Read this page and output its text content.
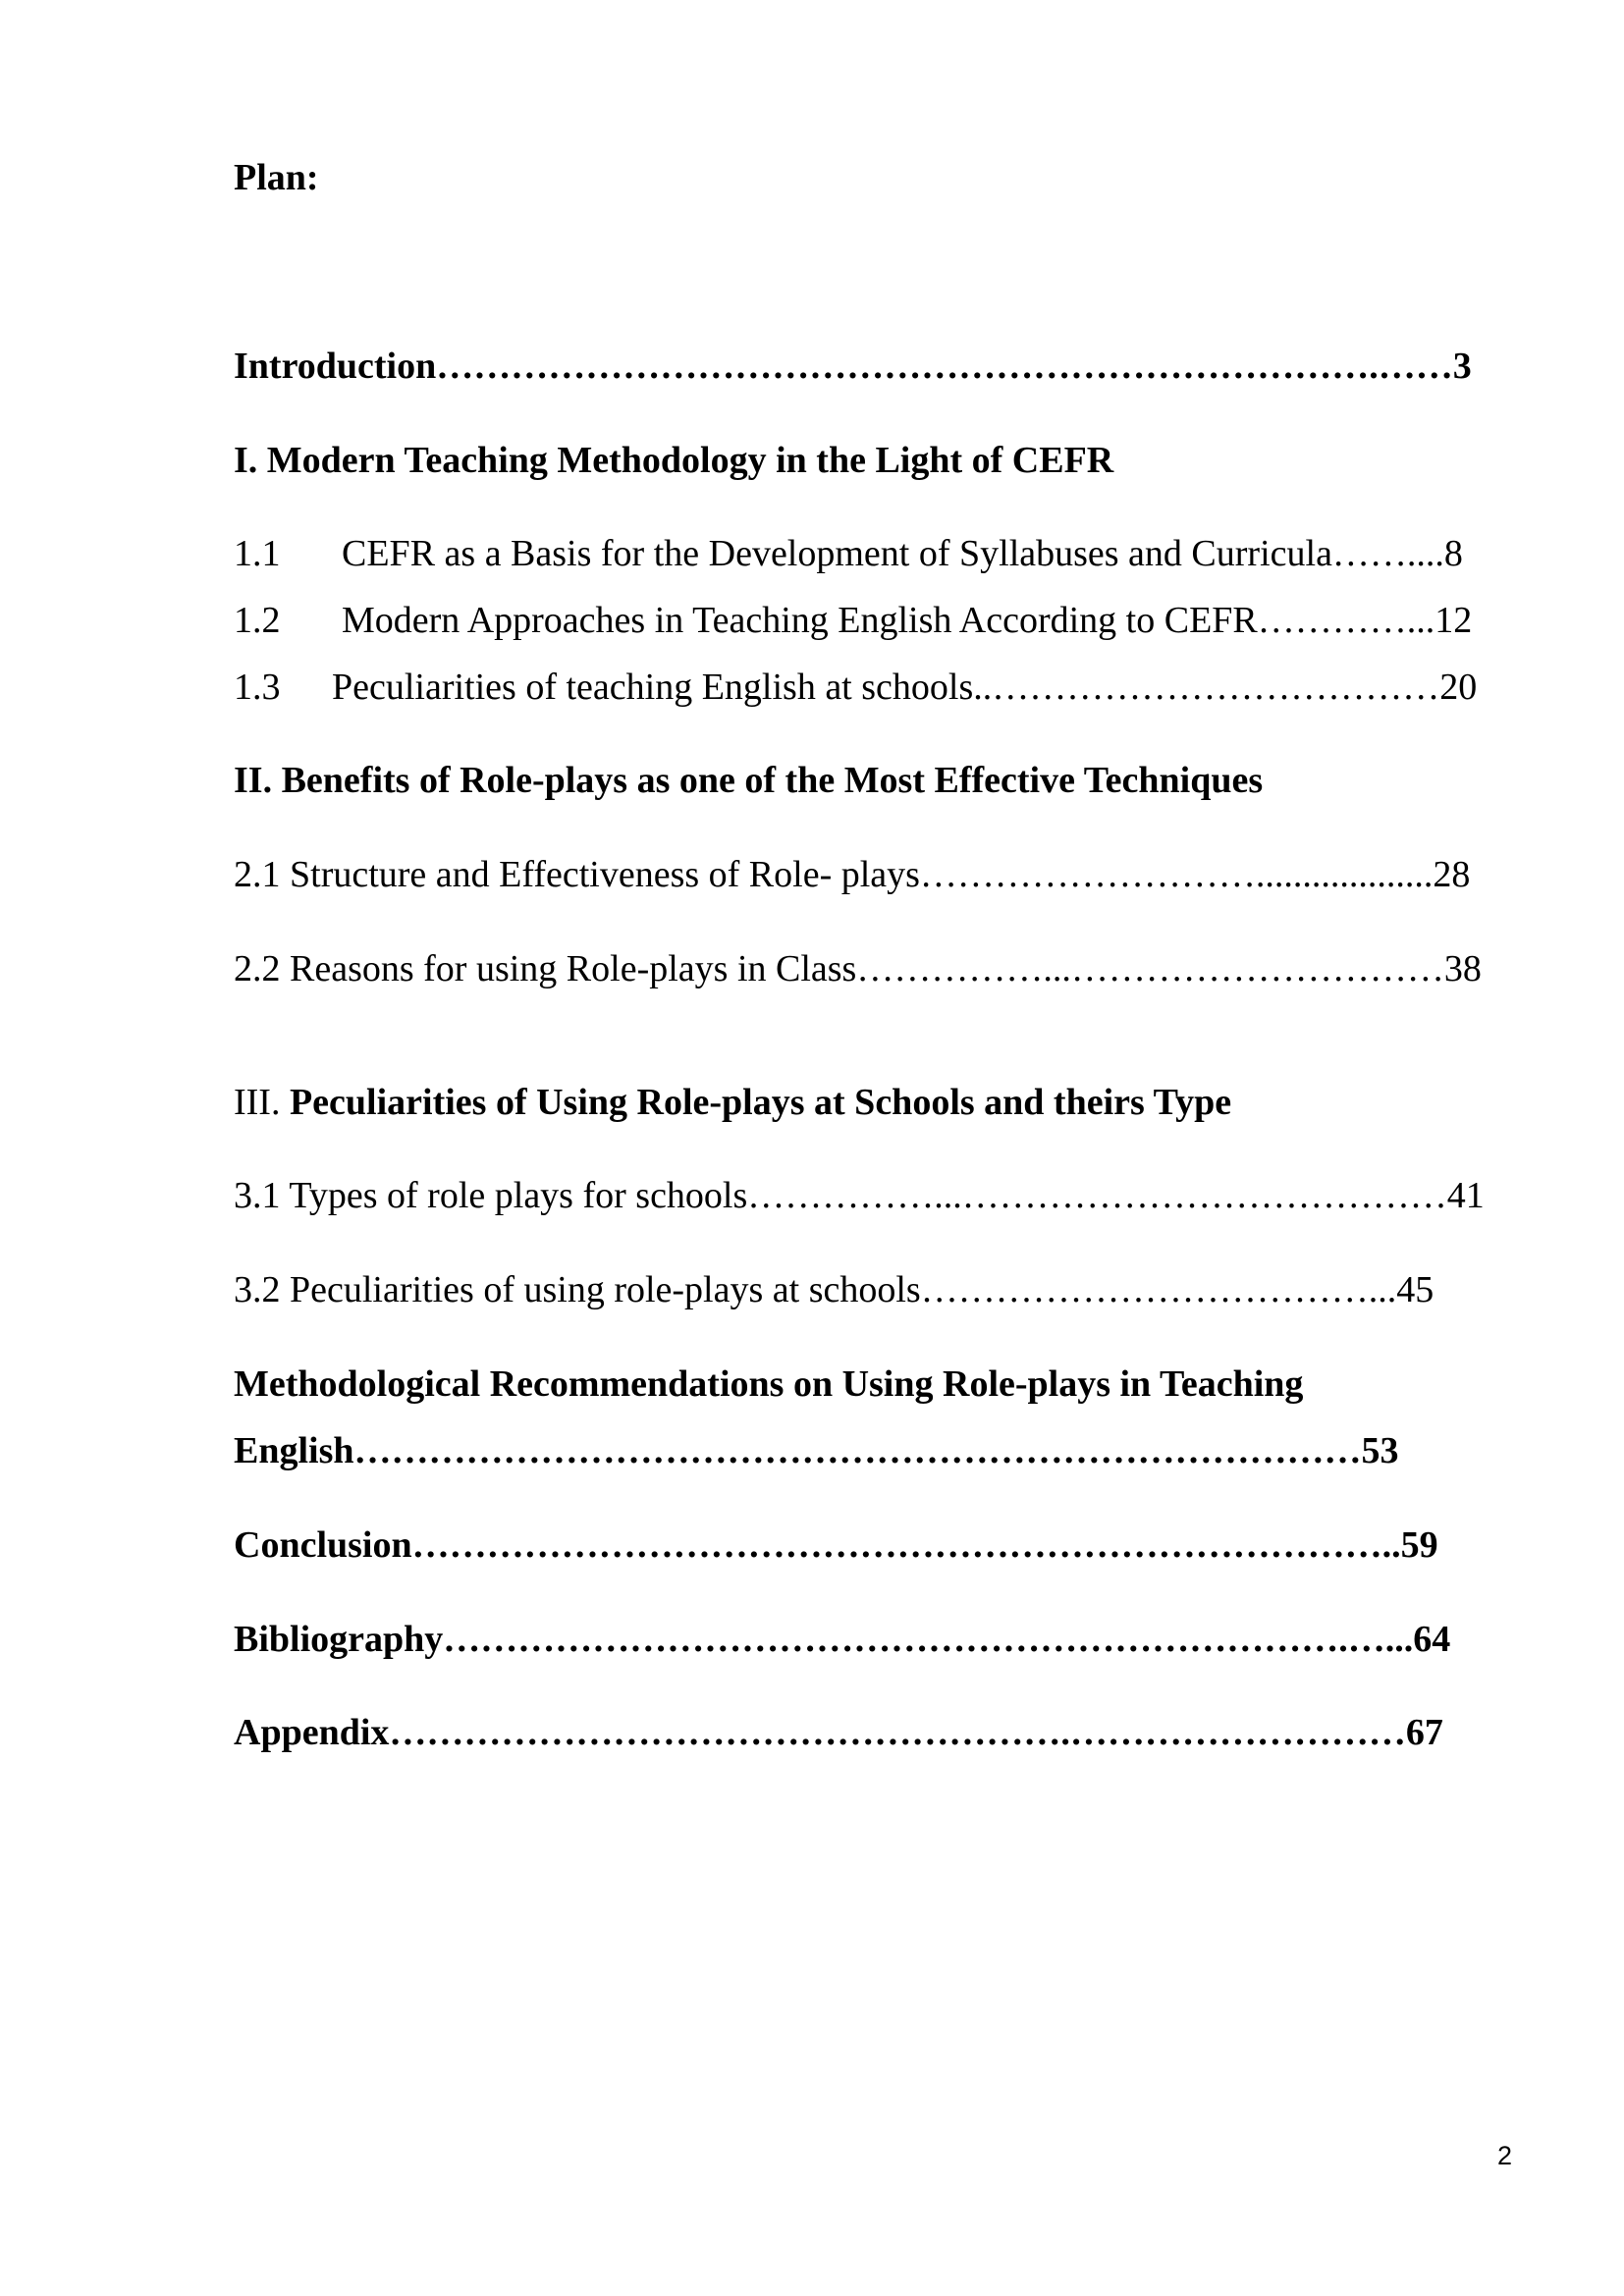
Plan:
Introduction………………………………………………………………….……3
I. Modern Teaching Methodology in the Light of CEFR
1.1 CEFR as a Basis for the Development of Syllabuses and Curricula……....8
1.2 Modern Approaches in Teaching English According to CEFR…………...12
1.3 Peculiarities of teaching English at schools..………………………………20
II. Benefits of Role-plays as one of the Most Effective Techniques
2.1 Structure and Effectiveness of Role- plays………………………...................28
2.2 Reasons for using Role-plays in Class……………...…………………………38
III. Peculiarities of Using Role-plays at Schools and theirs Type
3.1 Types of role plays for schools……………...…………………………………41
3.2 Peculiarities of using role-plays at schools………………………………...45
Methodological Recommendations on Using Role-plays in Teaching
English………………………………………………………………………53
Conclusion……………………………………………………………………..59
Bibliography……………………………………………………………….…...64
Appendix……………………………………………….………………………67
2
